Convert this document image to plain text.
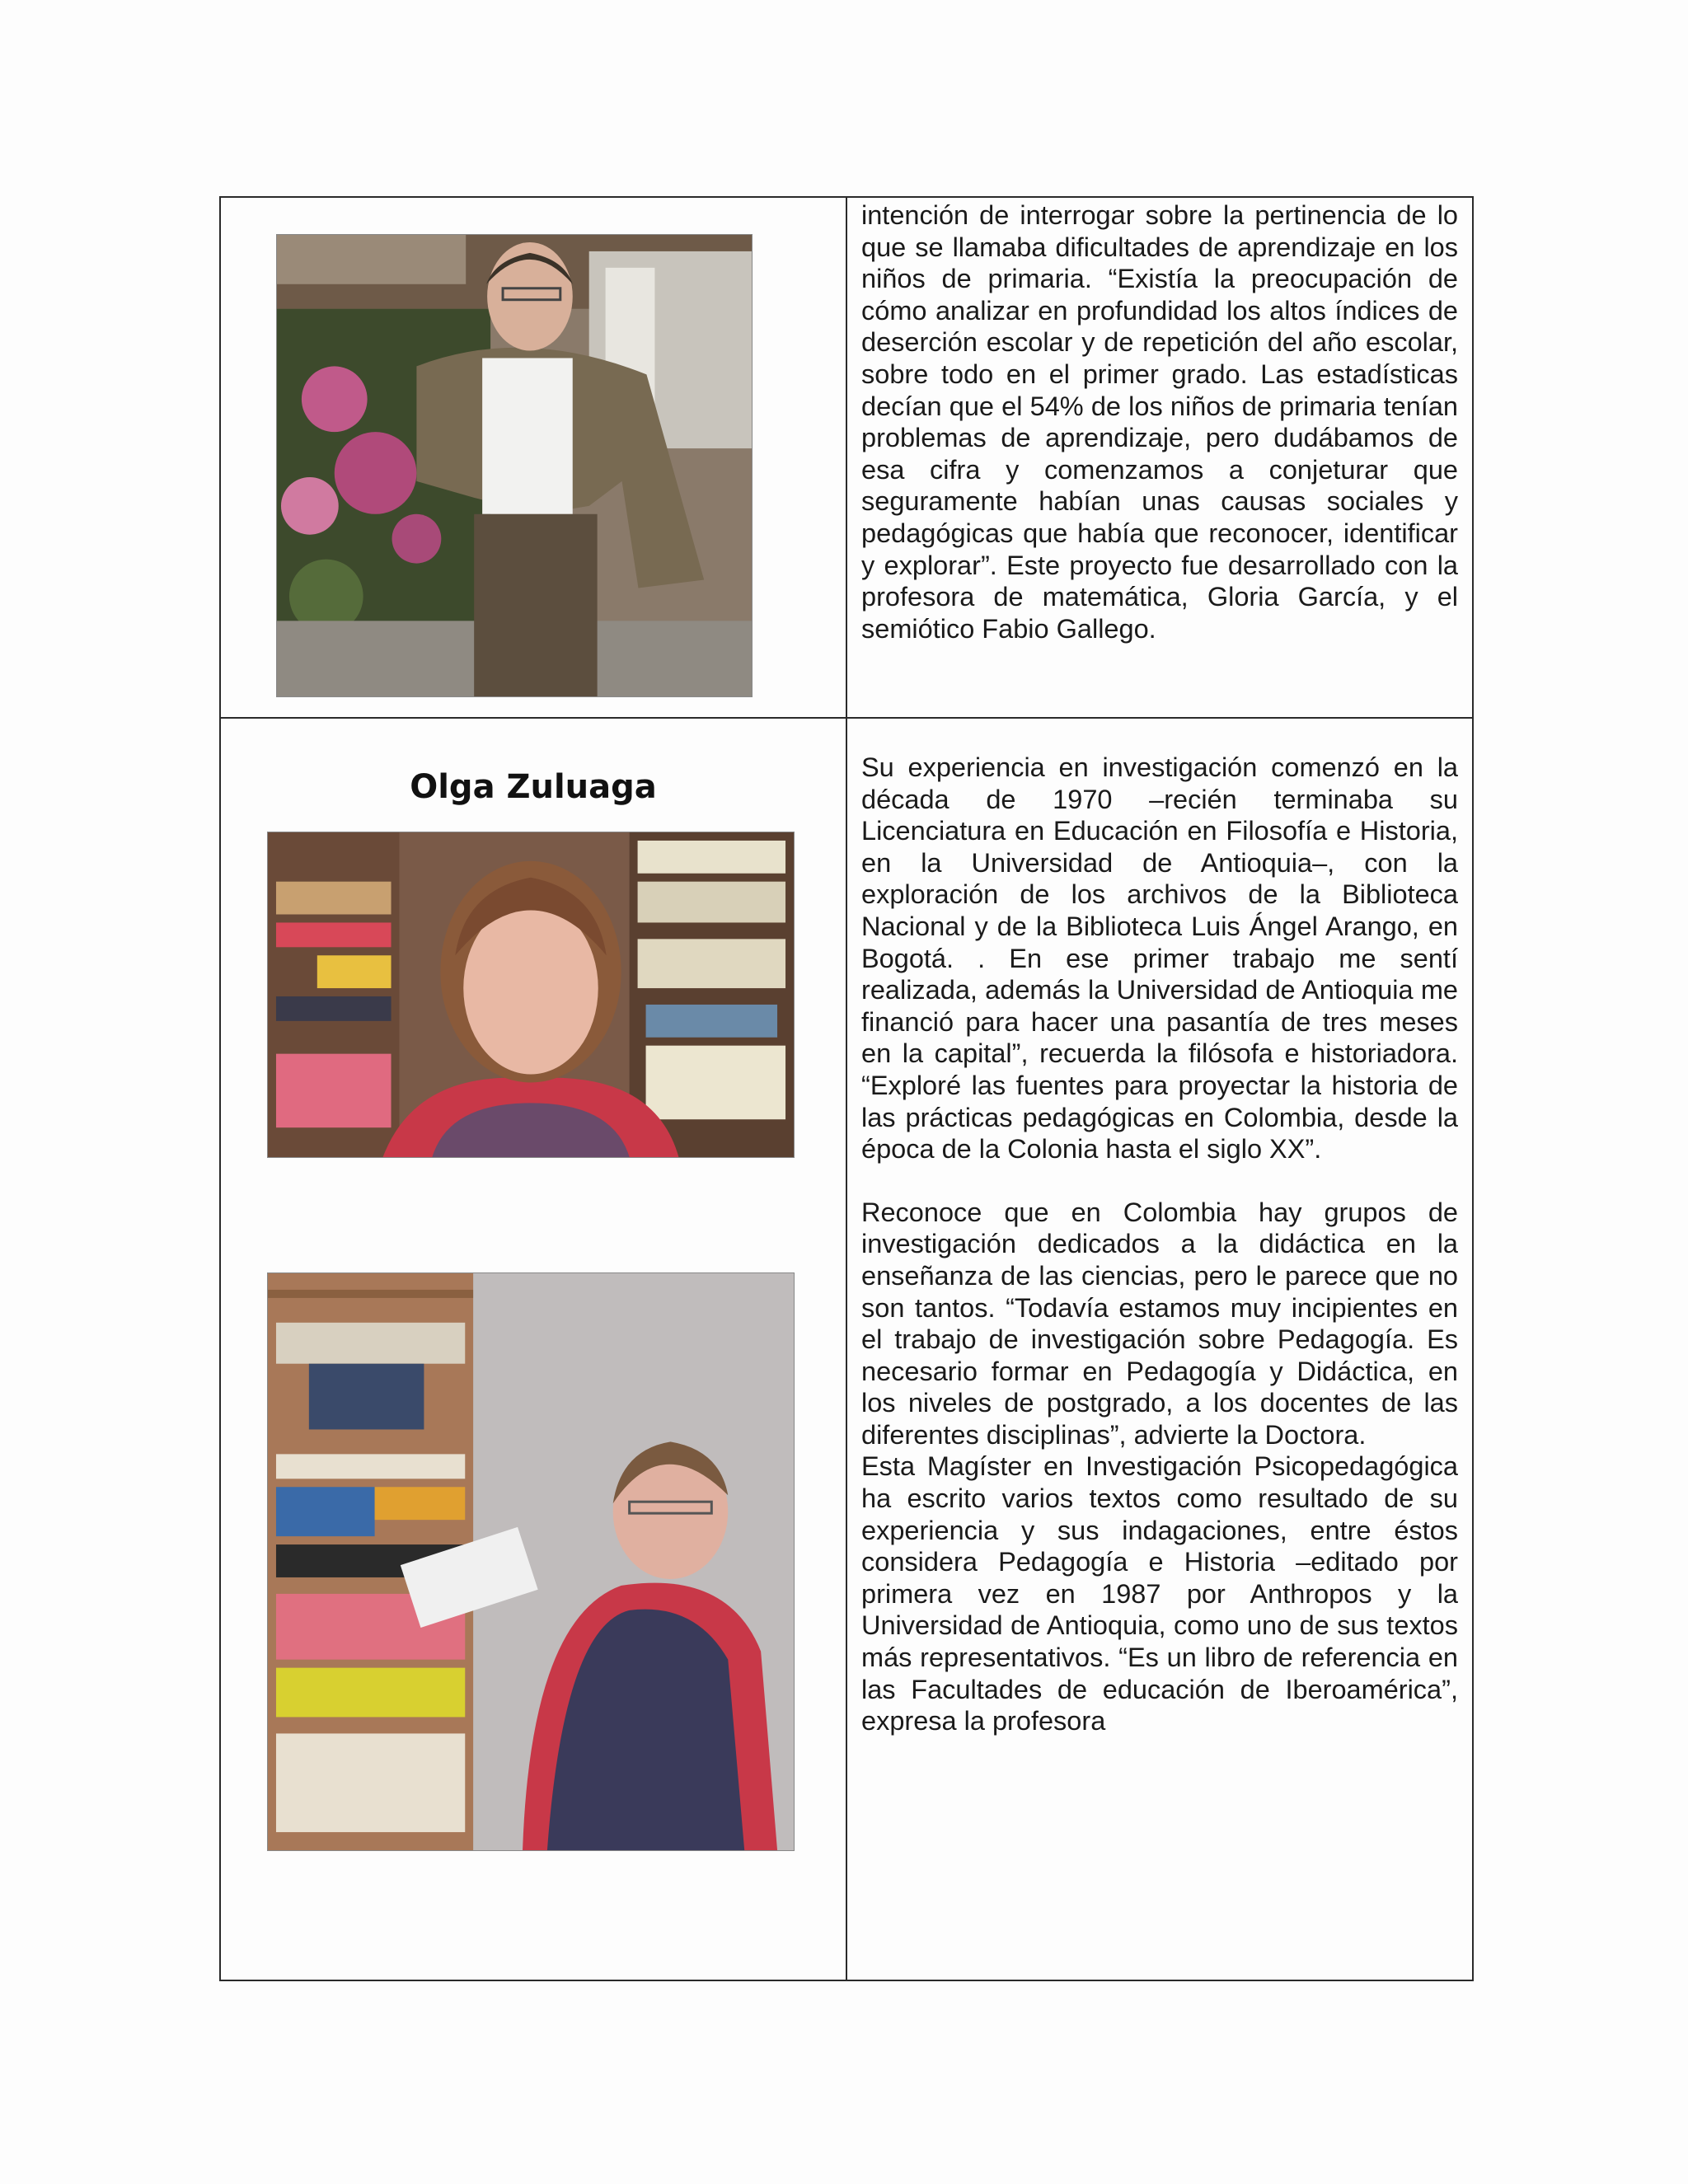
intención de interrogar sobre la pertinencia de lo que se llamaba dificultades de aprendizaje en los niños de primaria. “Existía la preocupación de cómo analizar en profundidad los altos índices de deserción escolar y de repetición del año escolar, sobre todo en el primer grado. Las estadísticas decían que el 54% de los niños de primaria tenían problemas de aprendizaje, pero dudábamos de esa cifra y comenzamos a conjeturar que seguramente habían unas causas sociales y pedagógicas que había que reconocer, identificar y explorar”. Este proyecto fue desarrollado con la profesora de matemática, Gloria García, y el semiótico Fabio Gallego.

Olga Zuluaga	Su experiencia en investigación comenzó en la década de 1970 –recién terminaba su Licenciatura en Educación en Filosofía e Historia, en la Universidad de Antioquia–, con la exploración de los archivos de la Biblioteca Nacional y de la Biblioteca Luis Ángel Arango, en Bogotá. . En ese primer trabajo me sentí realizada, además la Universidad de Antioquia me financió para hacer una pasantía de tres meses en la capital”, recuerda la filósofa e historiadora. “Exploré las fuentes para proyectar la historia de las prácticas pedagógicas en Colombia, desde la época de la Colonia hasta el siglo XX”.

Reconoce que en Colombia hay grupos de investigación dedicados a la didáctica en la enseñanza de las ciencias, pero le parece que no son tantos. “Todavía estamos muy incipientes en el trabajo de investigación sobre Pedagogía. Es necesario formar en Pedagogía y Didáctica, en los niveles de postgrado, a los docentes de las diferentes disciplinas”, advierte la Doctora.

Esta Magíster en Investigación Psicopedagógica ha escrito varios textos como resultado de su experiencia y sus indagaciones, entre éstos considera Pedagogía e Historia –editado por primera vez en 1987 por Anthropos y la Universidad de Antioquia, como uno de sus textos más representativos. “Es un libro de referencia en las Facultades de educación de Iberoamérica”, expresa la profesora
